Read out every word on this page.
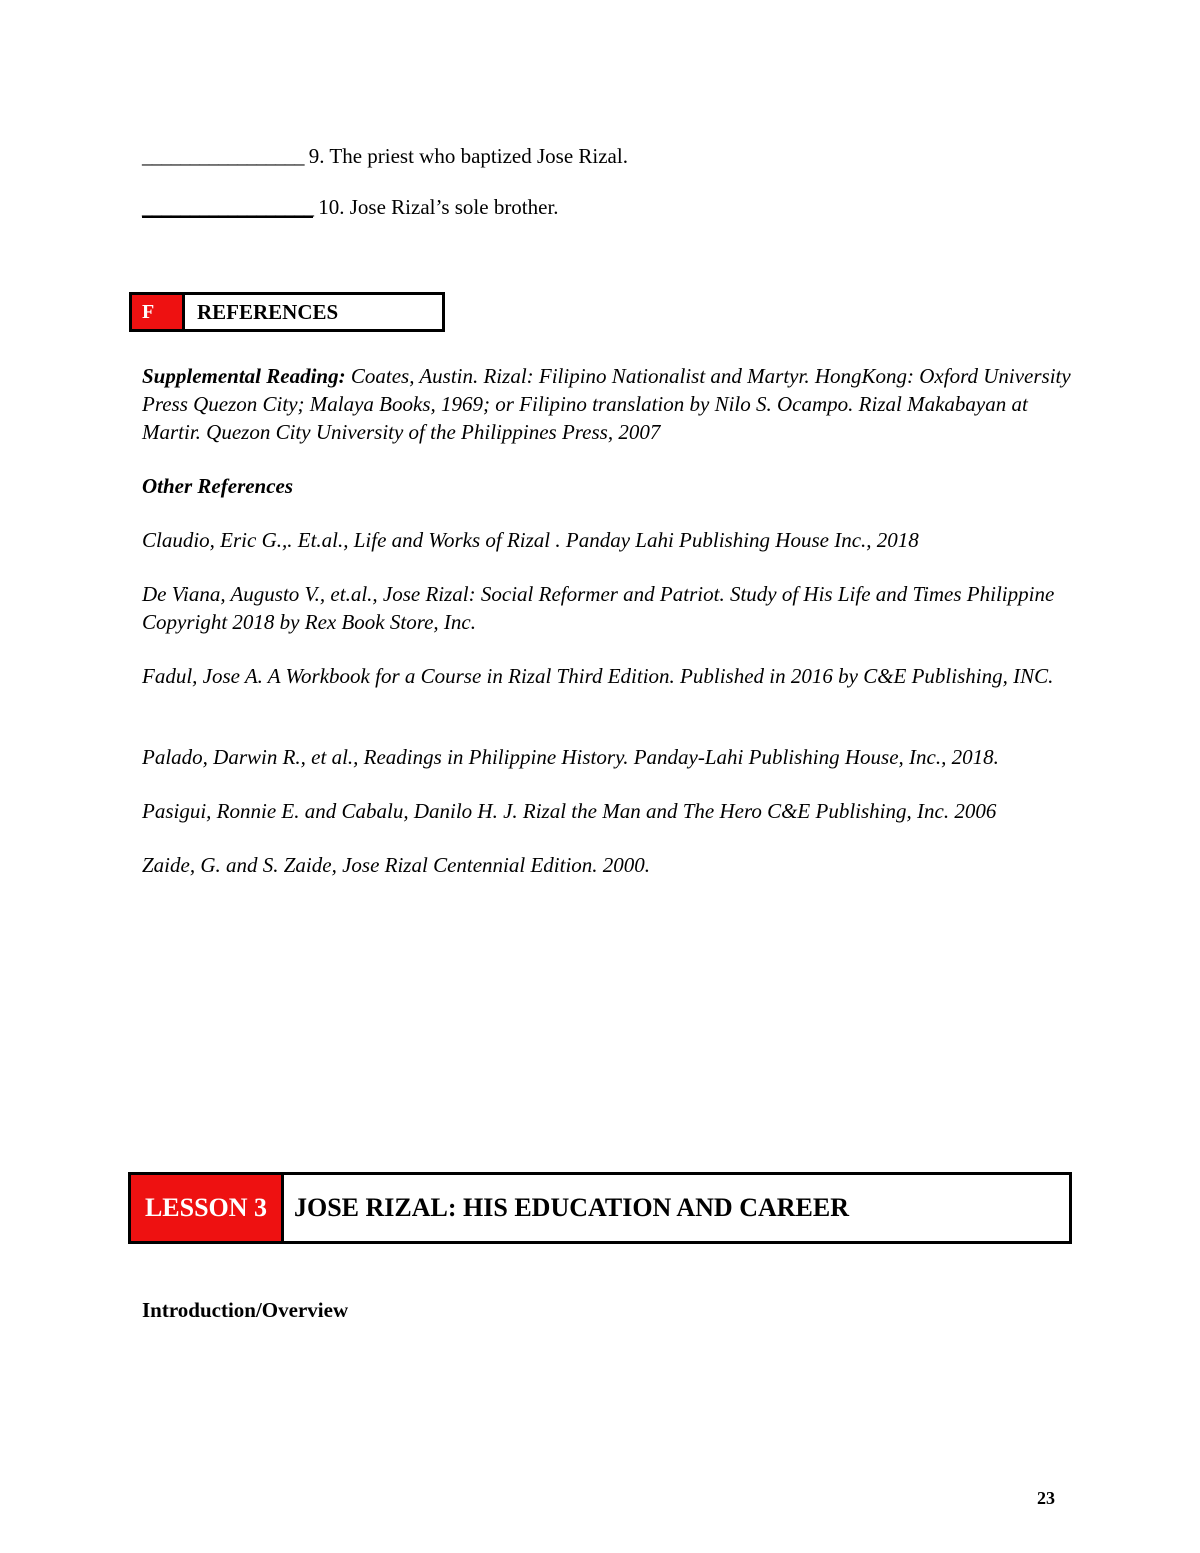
_________________ 9. The priest who baptized Jose Rizal.
__________________ 10. Jose Rizal’s sole brother.
F	REFERENCES

Supplemental Reading: Coates, Austin. Rizal: Filipino Nationalist and Martyr. HongKong: Oxford University Press Quezon City; Malaya Books, 1969; or Filipino translation by Nilo S. Ocampo. Rizal Makabayan at Martir. Quezon City University of the Philippines Press, 2007

Other References

Claudio, Eric G.,. Et.al., Life and Works of Rizal . Panday Lahi Publishing House Inc., 2018

De Viana, Augusto V., et.al., Jose Rizal: Social Reformer and Patriot. Study of His Life and Times Philippine Copyright 2018 by Rex Book Store, Inc.

Fadul, Jose A. A Workbook for a Course in Rizal Third Edition. Published in 2016 by C&E Publishing, INC.

Palado, Darwin R., et al., Readings in Philippine History. Panday-Lahi Publishing House, Inc., 2018.

Pasigui, Ronnie E. and Cabalu, Danilo H. J. Rizal the Man and The Hero C&E Publishing, Inc. 2006

Zaide, G. and S. Zaide, Jose Rizal Centennial Edition. 2000.

LESSON 3	JOSE RIZAL: HIS EDUCATION AND CAREER
Introduction/Overview
23
